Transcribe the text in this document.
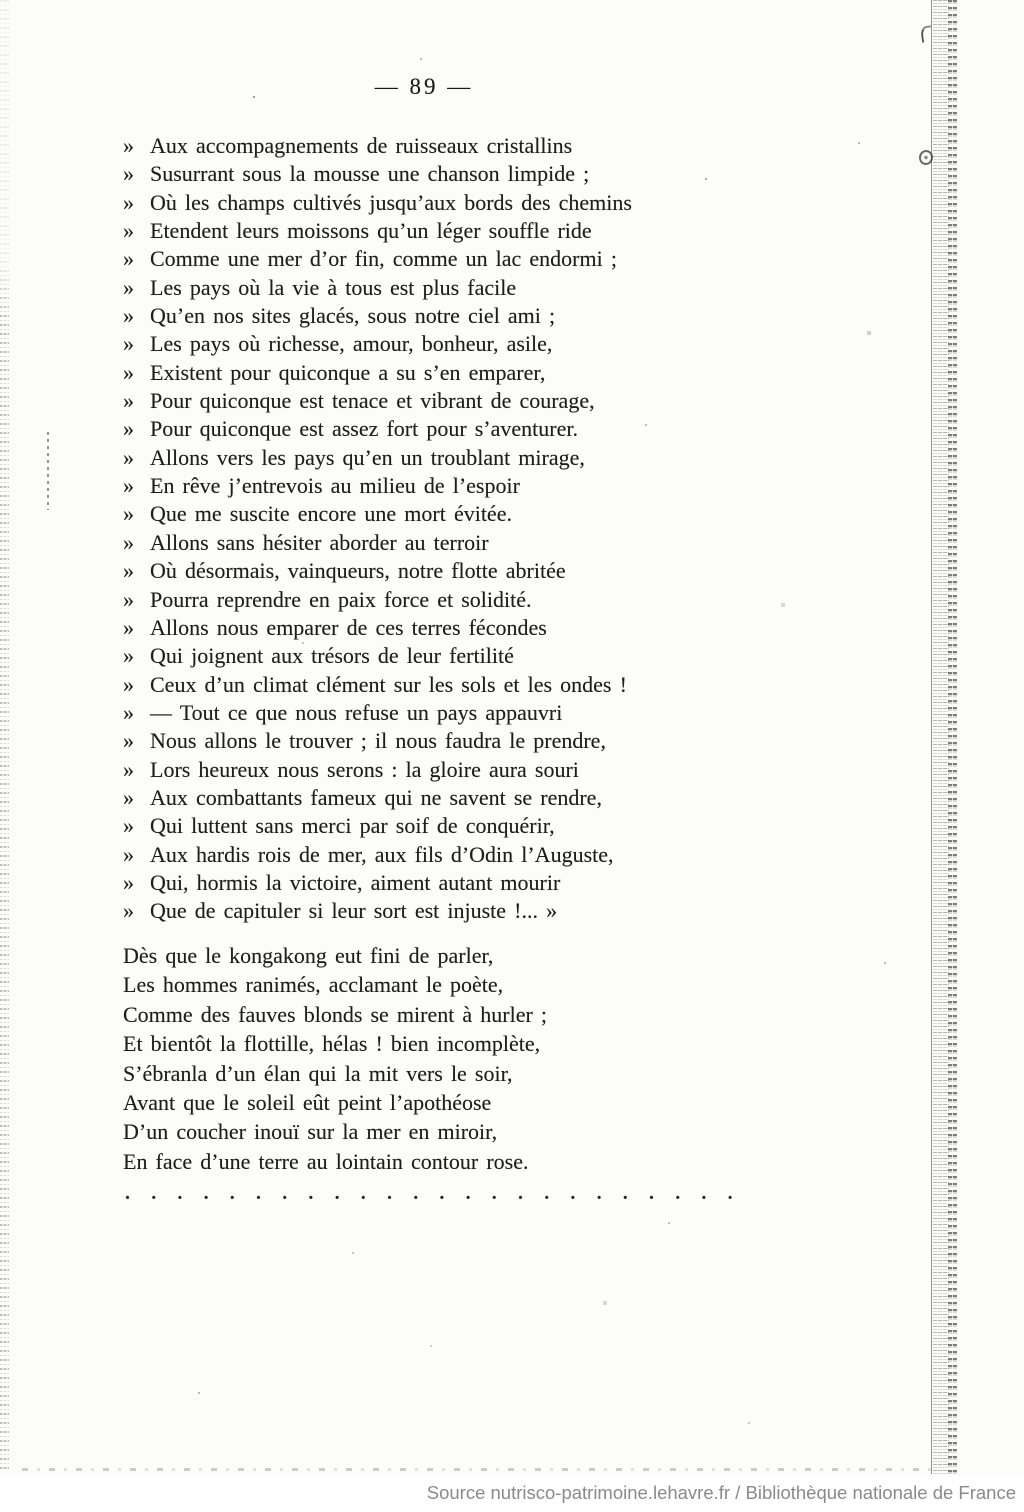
— 89 —
» Aux accompagnements de ruisseaux cristallins
» Susurrant sous la mousse une chanson limpide ;
» Où les champs cultivés jusqu’aux bords des chemins
» Etendent leurs moissons qu’un léger souffle ride
» Comme une mer d’or fin, comme un lac endormi ;
» Les pays où la vie à tous est plus facile
» Qu’en nos sites glacés, sous notre ciel ami ;
» Les pays où richesse, amour, bonheur, asile,
» Existent pour quiconque a su s’en emparer,
» Pour quiconque est tenace et vibrant de courage,
» Pour quiconque est assez fort pour s’aventurer.
» Allons vers les pays qu’en un troublant mirage,
» En rêve j’entrevois au milieu de l’espoir
» Que me suscite encore une mort évitée.
» Allons sans hésiter aborder au terroir
» Où désormais, vainqueurs, notre flotte abritée
» Pourra reprendre en paix force et solidité.
» Allons nous emparer de ces terres fécondes
» Qui joignent aux trésors de leur fertilité
» Ceux d’un climat clément sur les sols et les ondes !
» — Tout ce que nous refuse un pays appauvri
» Nous allons le trouver ; il nous faudra le prendre,
» Lors heureux nous serons : la gloire aura souri
» Aux combattants fameux qui ne savent se rendre,
» Qui luttent sans merci par soif de conquérir,
» Aux hardis rois de mer, aux fils d’Odin l’Auguste,
» Qui, hormis la victoire, aiment autant mourir
» Que de capituler si leur sort est injuste !... »
Dès que le kongakong eut fini de parler,
Les hommes ranimés, acclamant le poète,
Comme des fauves blonds se mirent à hurler ;
Et bientôt la flottille, hélas ! bien incomplète,
S’ébranla d’un élan qui la mit vers le soir,
Avant que le soleil eût peint l’apothéose
D’un coucher inouï sur la mer en miroir,
En face d’une terre au lointain contour rose.
. . . . . . . . . . . . . . . . . . . . . . . .
Source nutrisco-patrimoine.lehavre.fr / Bibliothèque nationale de France
